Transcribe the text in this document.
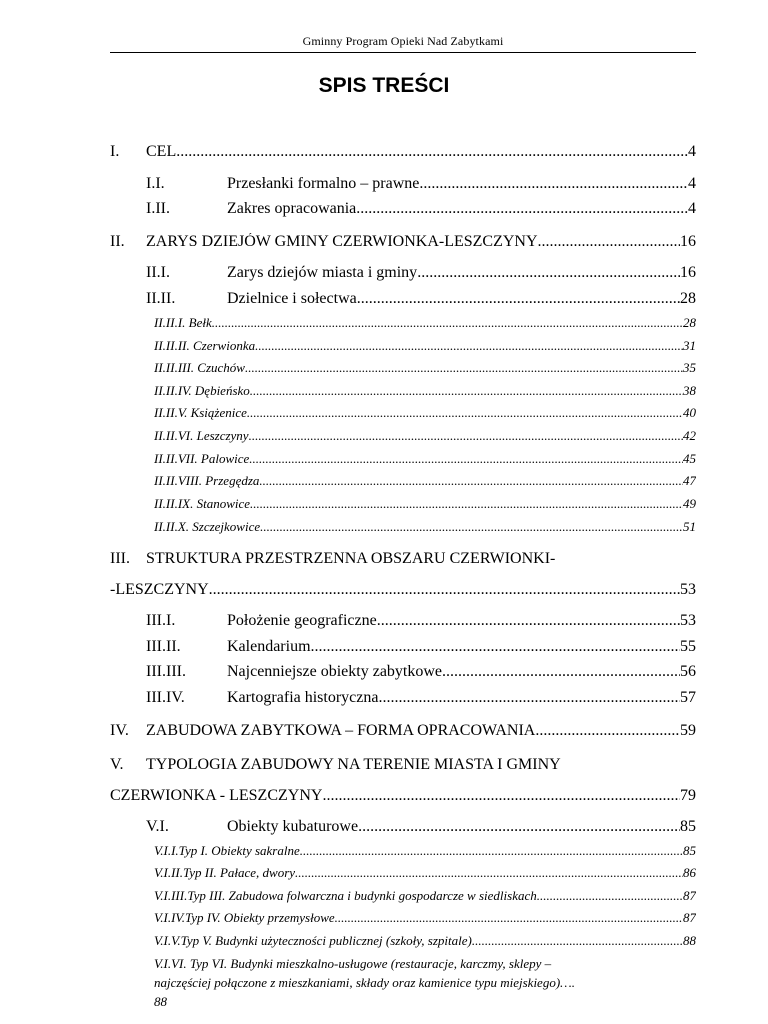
Gminny Program Opieki Nad Zabytkami
SPIS TREŚCI
I.	CEL .....	4
I.I.	Przesłanki formalno – prawne .....	4
I.II.	Zakres opracowania .....	4
II.	ZARYS DZIEJÓW GMINY CZERWIONKA-LESZCZYNY .....	16
II.I.	Zarys dziejów miasta i gminy .....	16
II.II.	Dzielnice i sołectwa .....	28
II.II.I. Bełk .....	28
II.II.II. Czerwionka .....	31
II.II.III. Czuchów .....	35
II.II.IV. Dębieńsko .....	38
II.II.V. Książenice .....	40
II.II.VI. Leszczyny .....	42
II.II.VII. Palowice .....	45
II.II.VIII. Przegędza .....	47
II.II.IX. Stanowice .....	49
II.II.X. Szczejkowice .....	51
III. STRUKTURA PRZESTRZENNA OBSZARU CZERWIONKI-
-LESZCZYNY .....	53
III.I.	Położenie geograficzne .....	53
III.II.	Kalendarium .....	55
III.III.	Najcenniejsze obiekty zabytkowe .....	56
III.IV.	Kartografia historyczna .....	57
IV.	ZABUDOWA ZABYTKOWA – FORMA OPRACOWANIA .....	59
V. TYPOLOGIA ZABUDOWY NA TERENIE MIASTA I GMINY
CZERWIONKA - LESZCZYNY .....	79
V.I.	Obiekty kubaturowe .....	85
V.I.I.Typ I. Obiekty sakralne .....	85
V.I.II.Typ II. Pałace, dwory .....	86
V.I.III.Typ III. Zabudowa folwarczna i budynki gospodarcze w siedliskach .....	87
V.I.IV.Typ IV. Obiekty przemysłowe .....	87
V.I.V.Typ V. Budynki użyteczności publicznej (szkoły, szpitale) .....	88
V.I.VI. Typ VI. Budynki mieszkalno-usługowe (restauracje, karczmy, sklepy –
najczęściej połączone z mieszkaniami, składy oraz kamienice typu miejskiego)….
88
